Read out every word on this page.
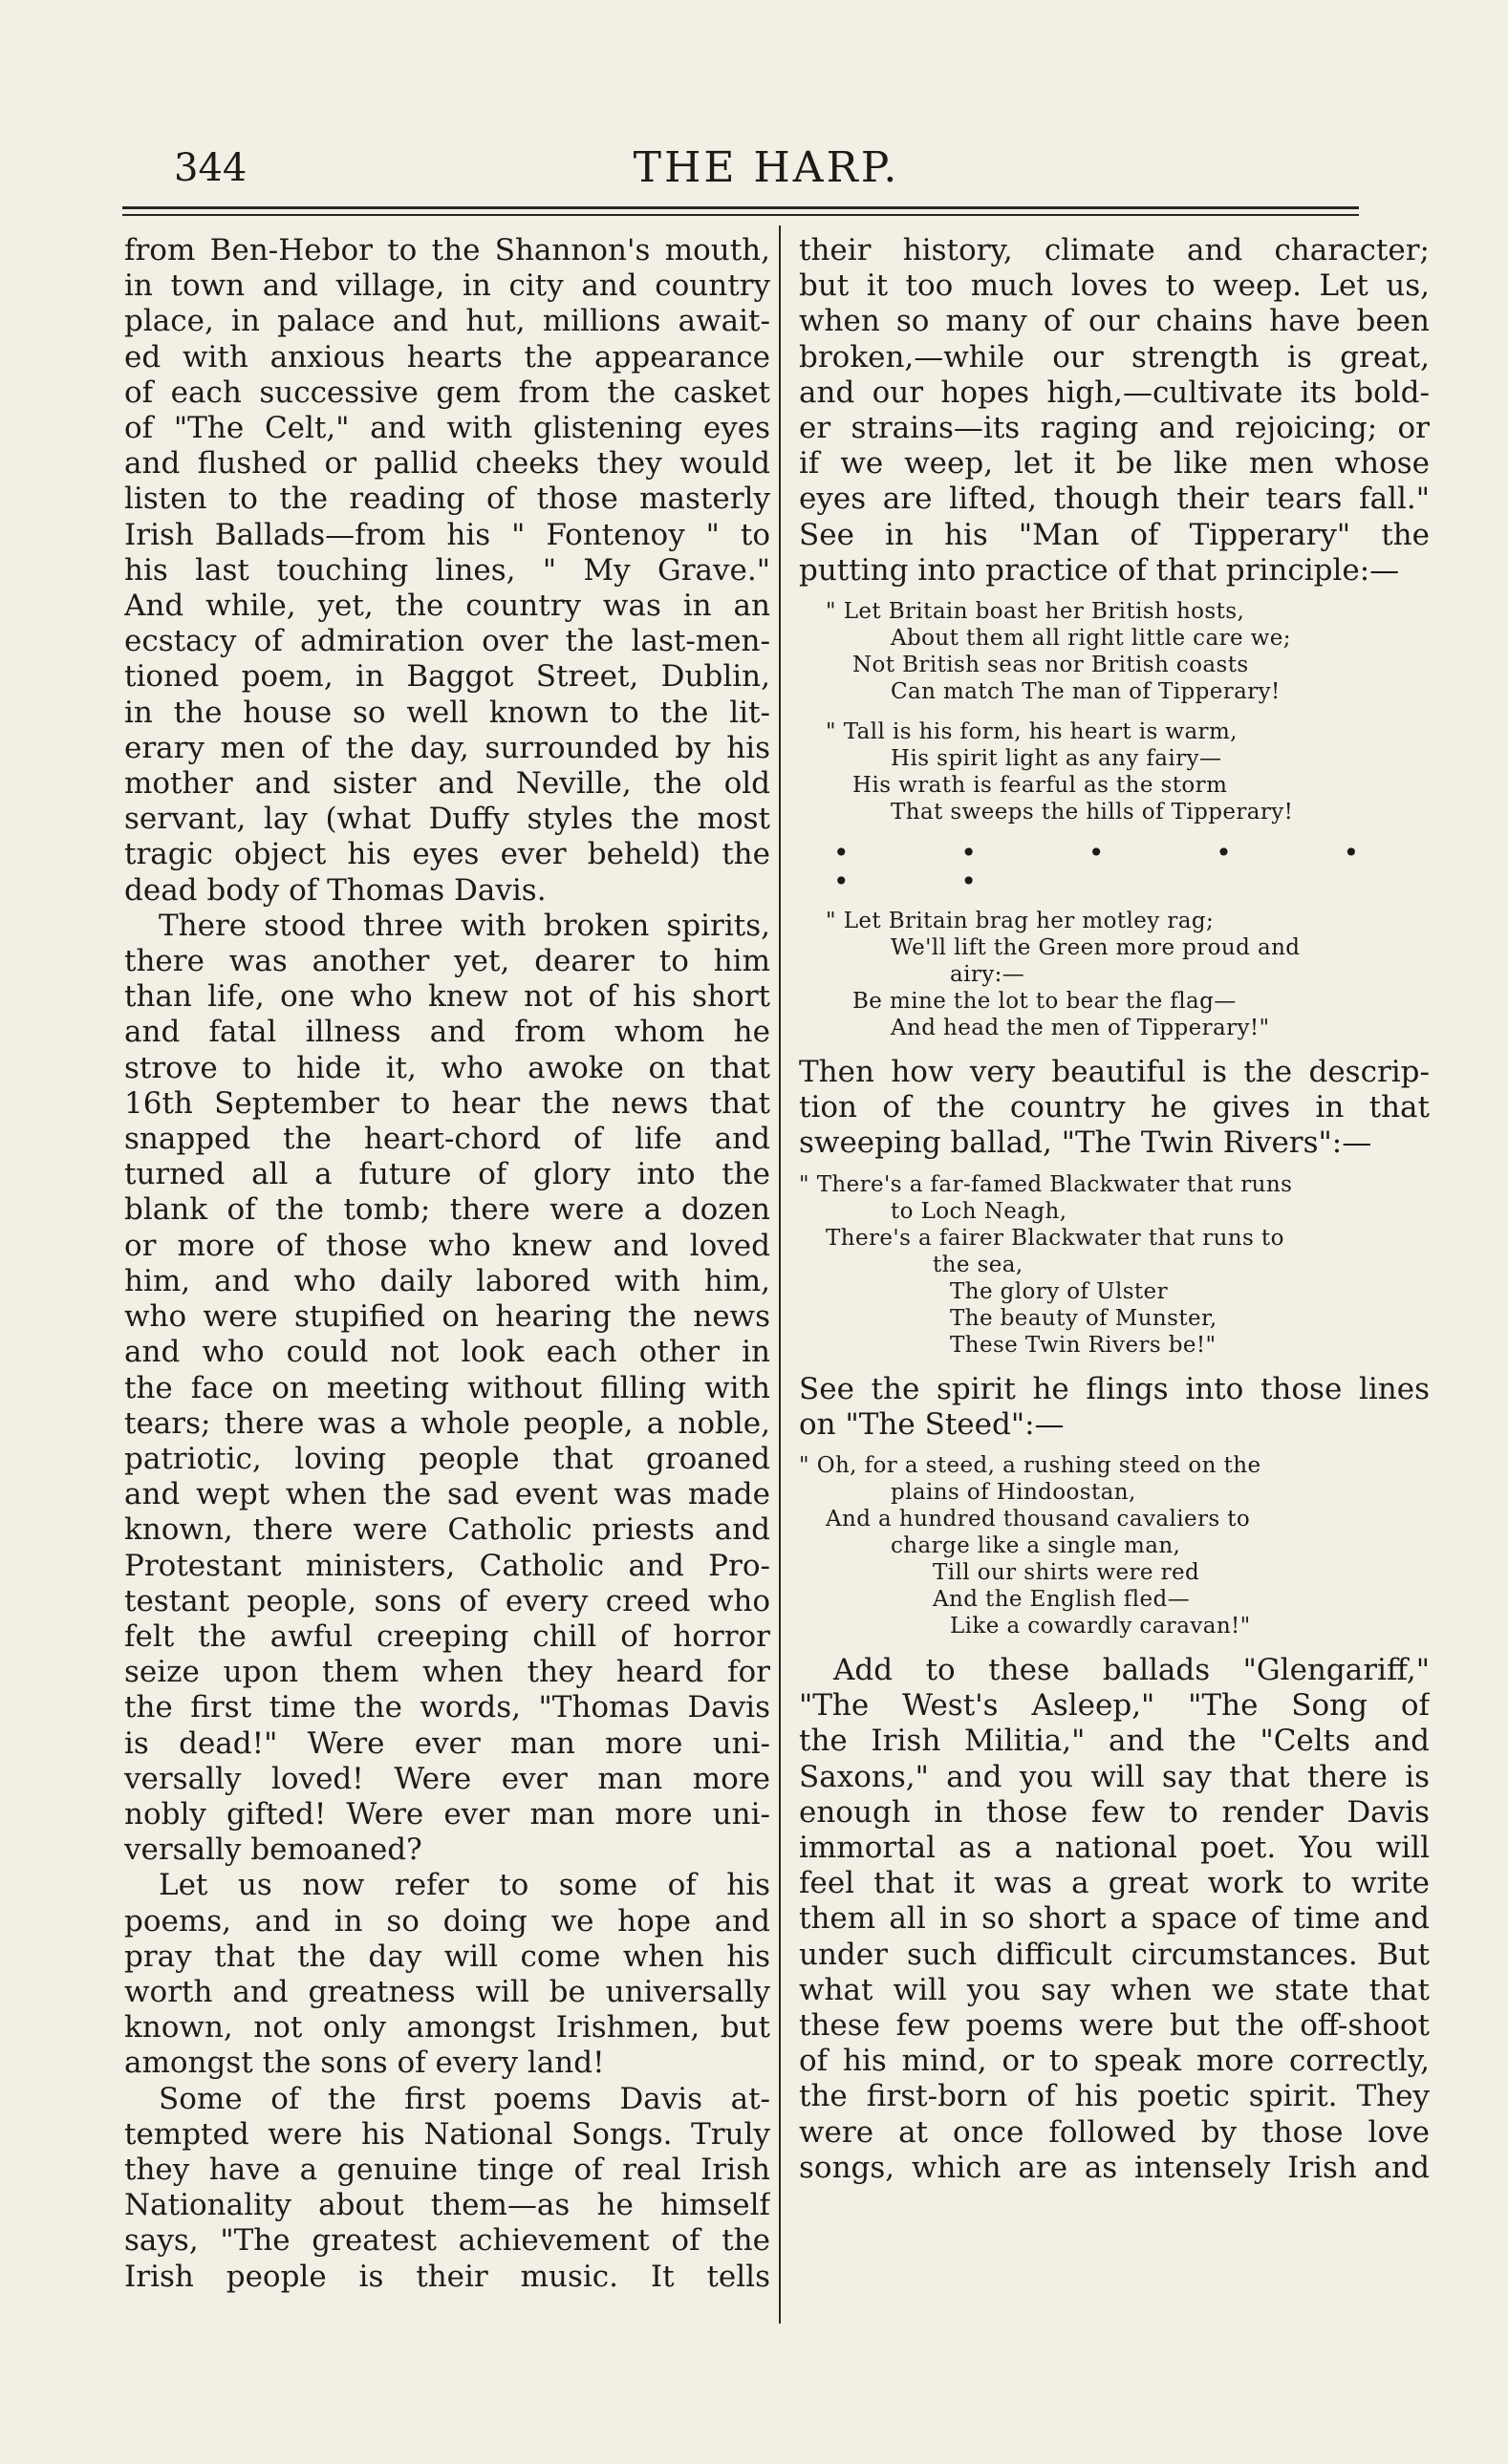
344	THE HARP.
from Ben-Hebor to the Shannon's mouth,
in town and village, in city and country
place, in palace and hut, millions await-
ed with anxious hearts the appearance
of each successive gem from the casket
of "The Celt," and with glistening eyes
and flushed or pallid cheeks they would
listen to the reading of those masterly
Irish Ballads—from his " Fontenoy " to
his last touching lines, " My Grave."
And while, yet, the country was in an
ecstacy of admiration over the last-men-
tioned poem, in Baggot Street, Dublin,
in the house so well known to the lit-
erary men of the day, surrounded by his
mother and sister and Neville, the old
servant, lay (what Duffy styles the most
tragic object his eyes ever beheld) the
dead body of Thomas Davis.
There stood three with broken spirits,
there was another yet, dearer to him
than life, one who knew not of his short
and fatal illness and from whom he
strove to hide it, who awoke on that
16th September to hear the news that
snapped the heart-chord of life and
turned all a future of glory into the
blank of the tomb; there were a dozen
or more of those who knew and loved
him, and who daily labored with him,
who were stupified on hearing the news
and who could not look each other in
the face on meeting without filling with
tears; there was a whole people, a noble,
patriotic, loving people that groaned
and wept when the sad event was made
known, there were Catholic priests and
Protestant ministers, Catholic and Pro-
testant people, sons of every creed who
felt the awful creeping chill of horror
seize upon them when they heard for
the first time the words, "Thomas Davis
is dead!" Were ever man more uni-
versally loved! Were ever man more
nobly gifted! Were ever man more uni-
versally bemoaned?
Let us now refer to some of his
poems, and in so doing we hope and
pray that the day will come when his
worth and greatness will be universally
known, not only amongst Irishmen, but
amongst the sons of every land!
Some of the first poems Davis at-
tempted were his National Songs. Truly
they have a genuine tinge of real Irish
Nationality about them—as he himself
says, "The greatest achievement of the
Irish people is their music. It tells
their history, climate and character;
but it too much loves to weep. Let us,
when so many of our chains have been
broken,—while our strength is great,
and our hopes high,—cultivate its bold-
er strains—its raging and rejoicing; or
if we weep, let it be like men whose
eyes are lifted, though their tears fall."
See in his "Man of Tipperary" the
putting into practice of that principle:—
" Let Britain boast her British hosts,
About them all right little care we;
Not British seas nor British coasts
Can match The man of Tipperary!
" Tall is his form, his heart is warm,
His spirit light as any fairy—
His wrath is fearful as the storm
That sweeps the hills of Tipperary!
• • • • • • •
" Let Britain brag her motley rag;
We'll lift the Green more proud and
airy:—
Be mine the lot to bear the flag—
And head the men of Tipperary!"
Then how very beautiful is the descrip-
tion of the country he gives in that
sweeping ballad, "The Twin Rivers":—
" There's a far-famed Blackwater that runs
to Loch Neagh,
There's a fairer Blackwater that runs to
the sea,
The glory of Ulster
The beauty of Munster,
These Twin Rivers be!"
See the spirit he flings into those lines
on "The Steed":—
" Oh, for a steed, a rushing steed on the
plains of Hindoostan,
And a hundred thousand cavaliers to
charge like a single man,
Till our shirts were red
And the English fled—
Like a cowardly caravan!"
Add to these ballads "Glengariff,"
"The West's Asleep," "The Song of
the Irish Militia," and the "Celts and
Saxons," and you will say that there is
enough in those few to render Davis
immortal as a national poet. You will
feel that it was a great work to write
them all in so short a space of time and
under such difficult circumstances. But
what will you say when we state that
these few poems were but the off-shoot
of his mind, or to speak more correctly,
the first-born of his poetic spirit. They
were at once followed by those love
songs, which are as intensely Irish and
